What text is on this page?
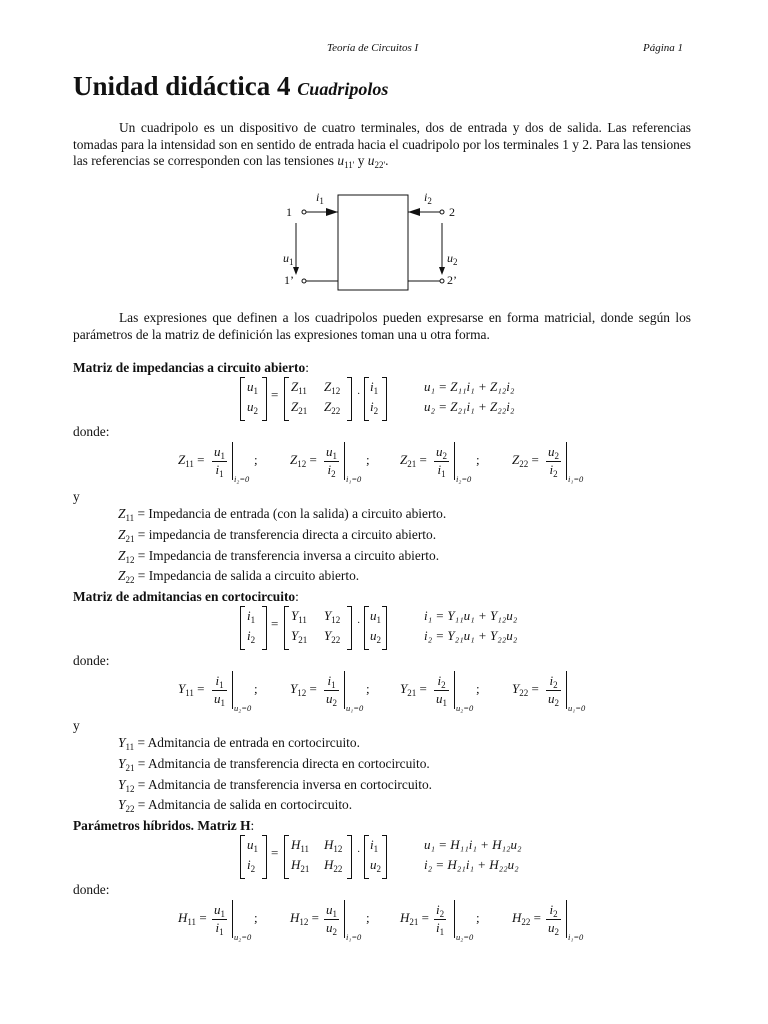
Teoría de Circuitos I	Página 1
Unidad didáctica 4 Cuadripolos
Un cuadripolo es un dispositivo de cuatro terminales, dos de entrada y dos de salida. Las referencias tomadas para la intensidad son en sentido de entrada hacia el cuadripolo por los terminales 1 y 2. Para las tensiones las referencias se corresponden con las tensiones $u_{11'}$ y $u_{22'}$.
1	2
1’	2’
$i_1$	$i_2$
$u_1$	$u_2$
Las expresiones que definen a los cuadripolos pueden expresarse en forma matricial, donde según los parámetros de la matriz de definición las expresiones toman una u otra forma.
Matriz de impedancias a circuito abierto:
$u_1$
$u_2$
=
$Z_{11}$ $Z_{12}$
$Z_{21}$ $Z_{22}$
·
$i_1$
$i_2$
u₁ = Z₁₁i₁ + Z₁₂i₂
u₂ = Z₂₁i₁ + Z₂₂i₂
donde:
$Z_{11} = \frac{u_1}{i_1} i_2=0$
; $Z_{12} = \frac{u_1}{i_2} i_1=0$
; $Z_{21} = \frac{u_2}{i_1} i_2=0$
; $Z_{22} = \frac{u_2}{i_2} i_1=0$
y
$Z_{11}$ = Impedancia de entrada (con la salida) a circuito abierto.
$Z_{21}$ = impedancia de transferencia directa a circuito abierto.
$Z_{12}$ = Impedancia de transferencia inversa a circuito abierto.
$Z_{22}$ = Impedancia de salida a circuito abierto.
Matriz de admitancias en cortocircuito:
$i_1$
$i_2$
=
$Y_{11}$ $Y_{12}$
$Y_{21}$ $Y_{22}$
·
$u_1$
$u_2$
i₁ = Y₁₁u₁ + Y₁₂u₂
i₂ = Y₂₁u₁ + Y₂₂u₂
donde:
$Y_{11} = \frac{i_1}{u_1} u_2=0$
; $Y_{12} = \frac{i_1}{u_2} u_1=0$
; $Y_{21} = \frac{i_2}{u_1} u_2=0$
; $Y_{22} = \frac{i_2}{u_2} u_1=0$
y
$Y_{11}$ = Admitancia de entrada en cortocircuito.
$Y_{21}$ = Admitancia de transferencia directa en cortocircuito.
$Y_{12}$ = Admitancia de transferencia inversa en cortocircuito.
$Y_{22}$ = Admitancia de salida en cortocircuito.
Parámetros híbridos. Matriz H:
$u_1$
$i_2$
=
$H_{11}$ $H_{12}$
$H_{21}$ $H_{22}$
·
$i_1$
$u_2$
u₁ = H₁₁i₁ + H₁₂u₂
i₂ = H₂₁i₁ + H₂₂u₂
donde:
$H_{11} = \frac{u_1}{i_1} u_2=0$
; $H_{12} = \frac{u_1}{u_2} i_1=0$
; $H_{21} = \frac{i_2}{i_1} u_2=0$
; $H_{22} = \frac{i_2}{u_2} i_1=0$
